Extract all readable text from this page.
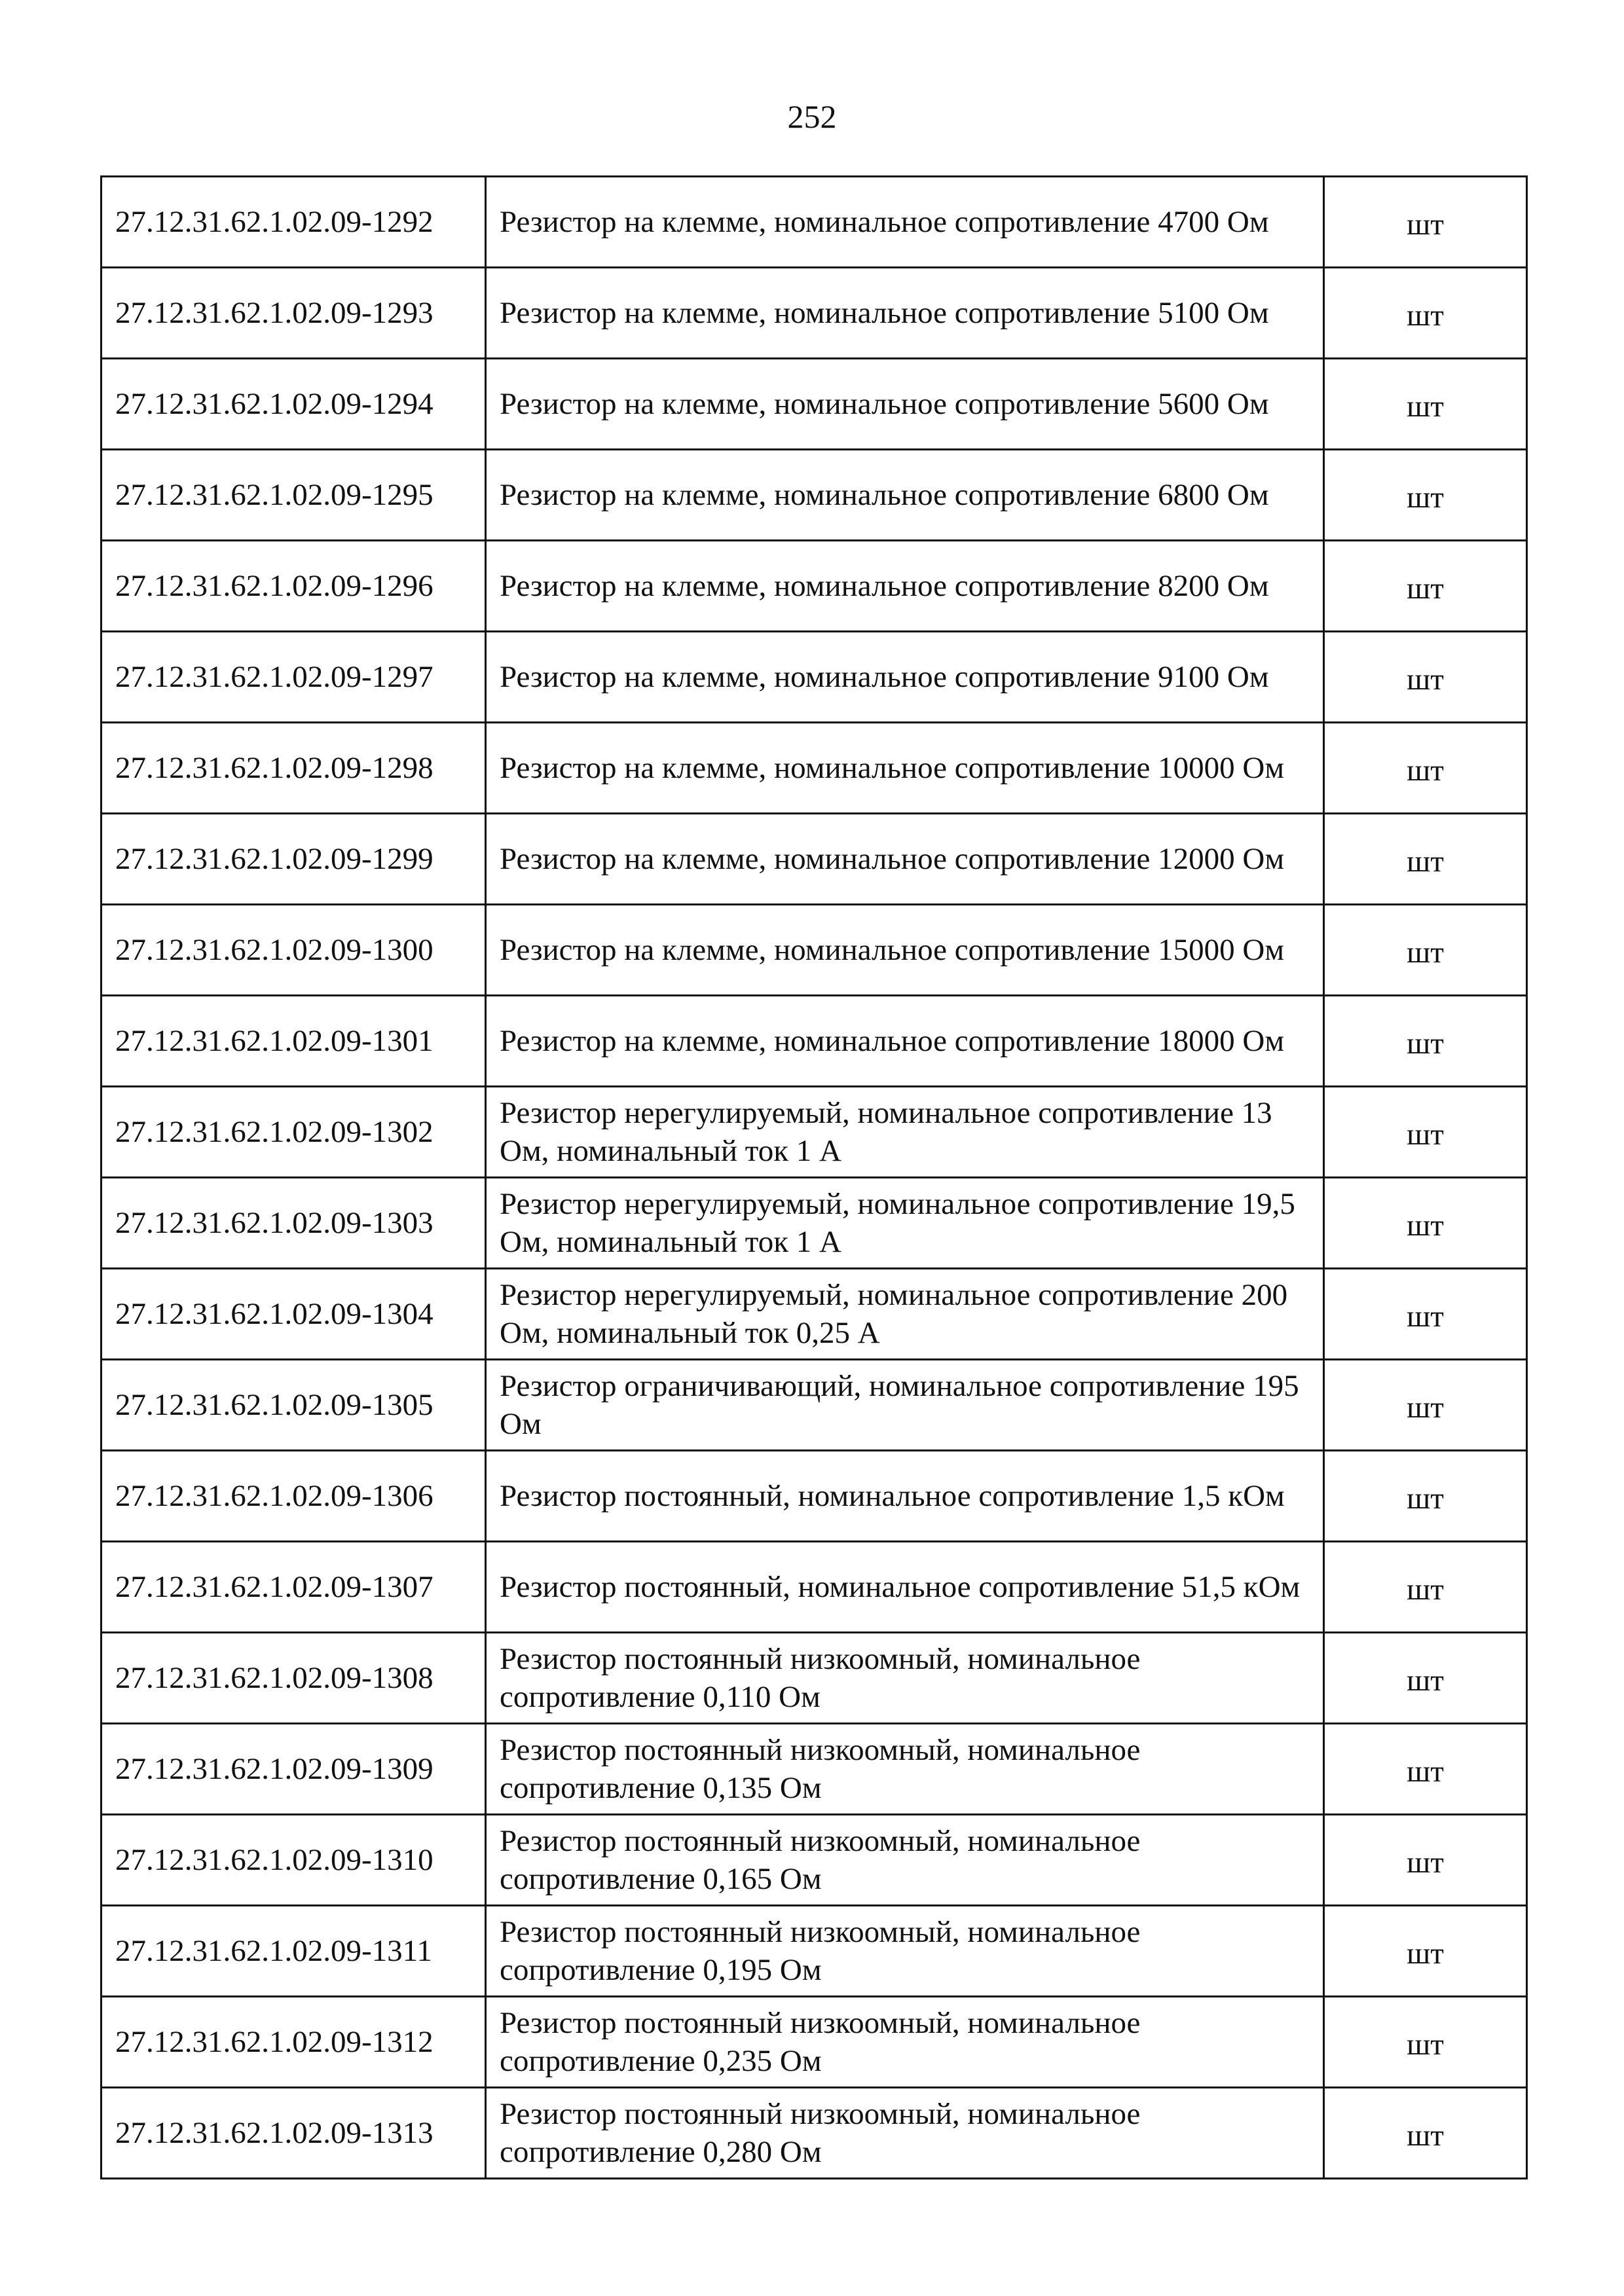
252
27.12.31.62.1.02.09-1292	Резистор на клемме, номинальное сопротивление 4700 Ом	шт
27.12.31.62.1.02.09-1293	Резистор на клемме, номинальное сопротивление 5100 Ом	шт
27.12.31.62.1.02.09-1294	Резистор на клемме, номинальное сопротивление 5600 Ом	шт
27.12.31.62.1.02.09-1295	Резистор на клемме, номинальное сопротивление 6800 Ом	шт
27.12.31.62.1.02.09-1296	Резистор на клемме, номинальное сопротивление 8200 Ом	шт
27.12.31.62.1.02.09-1297	Резистор на клемме, номинальное сопротивление 9100 Ом	шт
27.12.31.62.1.02.09-1298	Резистор на клемме, номинальное сопротивление 10000 Ом	шт
27.12.31.62.1.02.09-1299	Резистор на клемме, номинальное сопротивление 12000 Ом	шт
27.12.31.62.1.02.09-1300	Резистор на клемме, номинальное сопротивление 15000 Ом	шт
27.12.31.62.1.02.09-1301	Резистор на клемме, номинальное сопротивление 18000 Ом	шт
27.12.31.62.1.02.09-1302	Резистор нерегулируемый, номинальное сопротивление 13 Ом, номинальный ток 1 А	шт
27.12.31.62.1.02.09-1303	Резистор нерегулируемый, номинальное сопротивление 19,5 Ом, номинальный ток 1 А	шт
27.12.31.62.1.02.09-1304	Резистор нерегулируемый, номинальное сопротивление 200 Ом, номинальный ток 0,25 А	шт
27.12.31.62.1.02.09-1305	Резистор ограничивающий, номинальное сопротивление 195 Ом	шт
27.12.31.62.1.02.09-1306	Резистор постоянный, номинальное сопротивление 1,5 кОм	шт
27.12.31.62.1.02.09-1307	Резистор постоянный, номинальное сопротивление 51,5 кОм	шт
27.12.31.62.1.02.09-1308	Резистор постоянный низкоомный, номинальное сопротивление 0,110 Ом	шт
27.12.31.62.1.02.09-1309	Резистор постоянный низкоомный, номинальное сопротивление 0,135 Ом	шт
27.12.31.62.1.02.09-1310	Резистор постоянный низкоомный, номинальное сопротивление 0,165 Ом	шт
27.12.31.62.1.02.09-1311	Резистор постоянный низкоомный, номинальное сопротивление 0,195 Ом	шт
27.12.31.62.1.02.09-1312	Резистор постоянный низкоомный, номинальное сопротивление 0,235 Ом	шт
27.12.31.62.1.02.09-1313	Резистор постоянный низкоомный, номинальное сопротивление 0,280 Ом	шт
